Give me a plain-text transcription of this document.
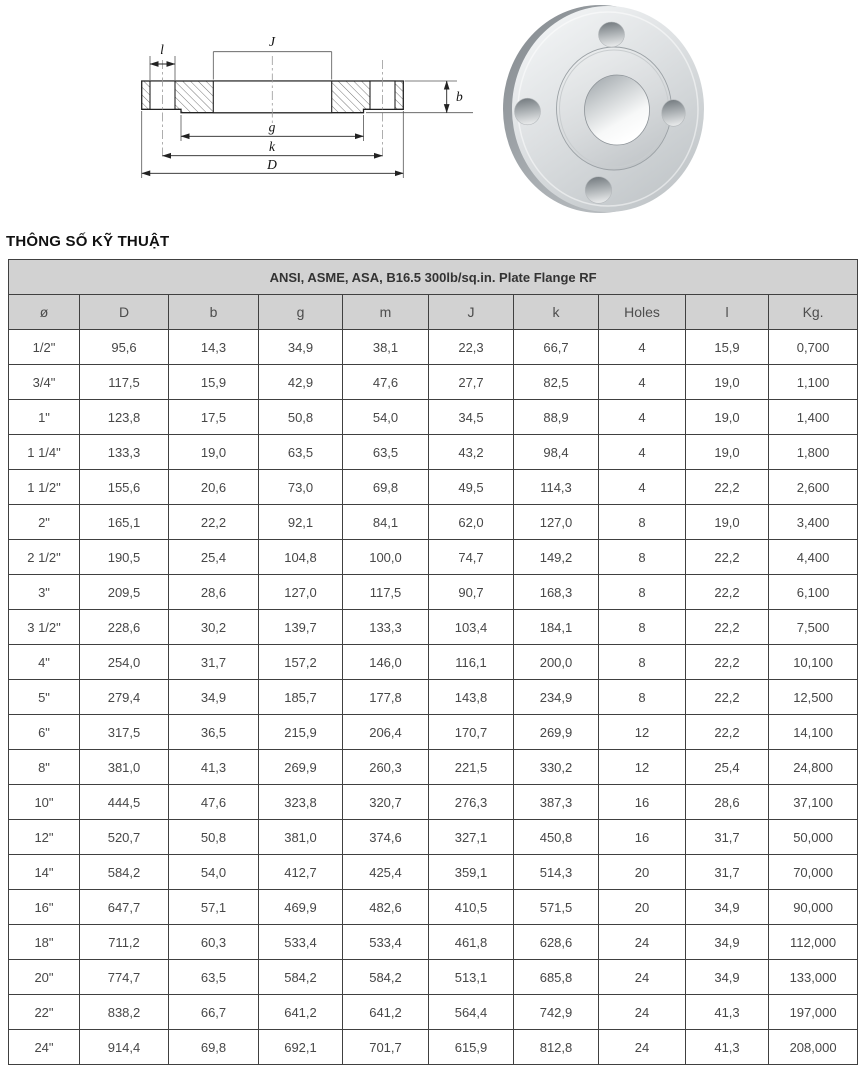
J
l
b
g
k
D
THÔNG SỐ KỸ THUẬT
ANSI, ASME, ASA, B16.5 300lb/sq.in. Plate Flange RF									
ø	D	b	g	m	J	k	Holes	l	Kg.
1/2"	95,6	14,3	34,9	38,1	22,3	66,7	4	15,9	0,700
3/4"	117,5	15,9	42,9	47,6	27,7	82,5	4	19,0	1,100
1"	123,8	17,5	50,8	54,0	34,5	88,9	4	19,0	1,400
1 1/4"	133,3	19,0	63,5	63,5	43,2	98,4	4	19,0	1,800
1 1/2"	155,6	20,6	73,0	69,8	49,5	114,3	4	22,2	2,600
2"	165,1	22,2	92,1	84,1	62,0	127,0	8	19,0	3,400
2 1/2"	190,5	25,4	104,8	100,0	74,7	149,2	8	22,2	4,400
3"	209,5	28,6	127,0	117,5	90,7	168,3	8	22,2	6,100
3 1/2"	228,6	30,2	139,7	133,3	103,4	184,1	8	22,2	7,500
4"	254,0	31,7	157,2	146,0	116,1	200,0	8	22,2	10,100
5"	279,4	34,9	185,7	177,8	143,8	234,9	8	22,2	12,500
6"	317,5	36,5	215,9	206,4	170,7	269,9	12	22,2	14,100
8"	381,0	41,3	269,9	260,3	221,5	330,2	12	25,4	24,800
10"	444,5	47,6	323,8	320,7	276,3	387,3	16	28,6	37,100
12"	520,7	50,8	381,0	374,6	327,1	450,8	16	31,7	50,000
14"	584,2	54,0	412,7	425,4	359,1	514,3	20	31,7	70,000
16"	647,7	57,1	469,9	482,6	410,5	571,5	20	34,9	90,000
18"	711,2	60,3	533,4	533,4	461,8	628,6	24	34,9	112,000
20"	774,7	63,5	584,2	584,2	513,1	685,8	24	34,9	133,000
22"	838,2	66,7	641,2	641,2	564,4	742,9	24	41,3	197,000
24"	914,4	69,8	692,1	701,7	615,9	812,8	24	41,3	208,000
